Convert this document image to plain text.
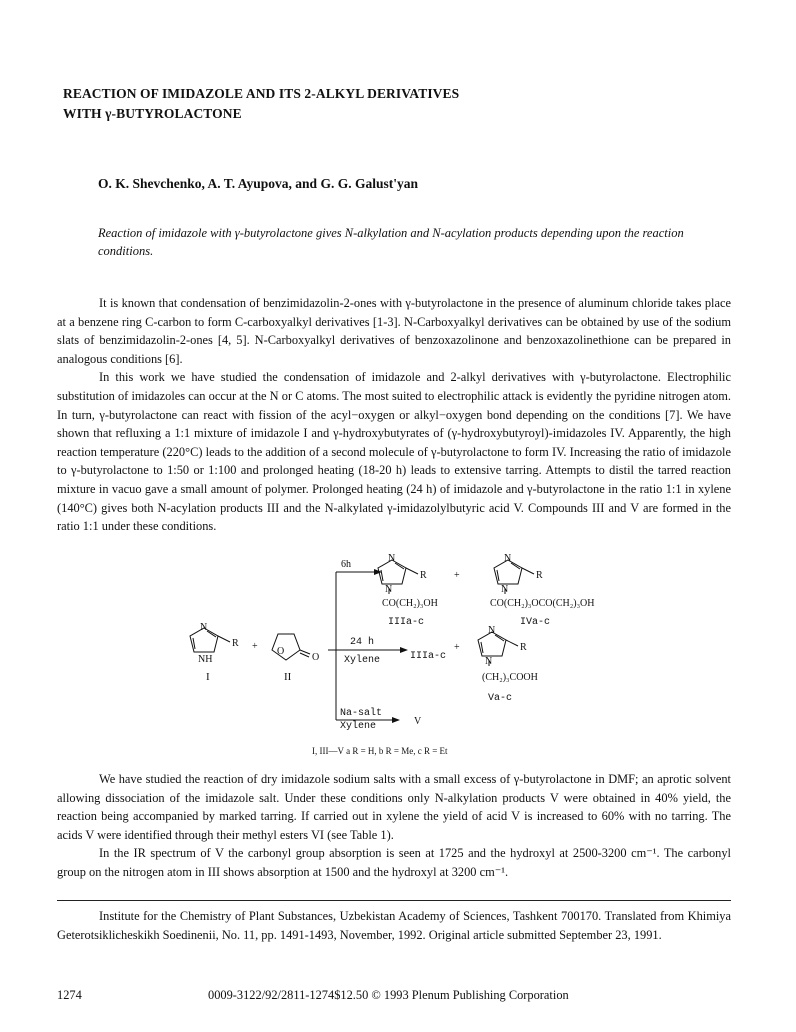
REACTION OF IMIDAZOLE AND ITS 2-ALKYL DERIVATIVES
WITH γ-BUTYROLACTONE
O. K. Shevchenko, A. T. Ayupova, and G. G. Galust'yan
Reaction of imidazole with γ-butyrolactone gives N-alkylation and N-acylation products depending upon the reaction conditions.

It is known that condensation of benzimidazolin-2-ones with γ-butyrolactone in the presence of aluminum chloride takes place at a benzene ring C-carbon to form C-carboxyalkyl derivatives [1-3]. N-Carboxyalkyl derivatives can be obtained by use of the sodium slats of benzimidazolin-2-ones [4, 5]. N-Carboxyalkyl derivatives of benzoxazolinone and benzoxazolinethione can be prepared in analogous conditions [6].

In this work we have studied the condensation of imidazole and 2-alkyl derivatives with γ-butyrolactone. Electrophilic substitution of imidazoles can occur at the N or C atoms. The most suited to electrophilic attack is evidently the pyridine nitrogen atom. In turn, γ-butyrolactone can react with fission of the acyl−oxygen or alkyl−oxygen bond depending on the conditions [7]. We have shown that refluxing a 1:1 mixture of imidazole I and γ-hydroxybutyrates of (γ-hydroxybutyroyl)-imidazoles IV. Apparently, the high reaction temperature (220°C) leads to the addition of a second molecule of γ-butyrolactone to form IV. Increasing the ratio of imidazole to γ-butyrolactone to 1:50 or 1:100 and prolonged heating (18-20 h) leads to extensive tarring. Attempts to distil the tarred reaction mixture in vacuo gave a small amount of polymer. Prolonged heating (24 h) of imidazole and γ-butyrolactone in the ratio 1:1 in xylene (140°C) gives both N-acylation products III and the N-alkylated γ-imidazolylbutyric acid V. Compounds III and V are formed in the ratio 1:1 under these conditions.

N
NH
R +
I
O
O
II
6h
24 h
Xylene
Na-salt
Xylene
N
N
R
CO(CH₂)₃OH
IIIa-c
+
N
N
R
CO(CH₂)₃OCO(CH₂)₃OH
IVa-c
IIIa-c
+
N
N
R
(CH₂)₃COOH
Va-c
V
I, III—V a R = H, b R = Me, c R = Et

We have studied the reaction of dry imidazole sodium salts with a small excess of γ-butyrolactone in DMF; an aprotic solvent allowing dissociation of the imidazole salt. Under these conditions only N-alkylation products V were obtained in 40% yield, the reaction being accompanied by marked tarring. If carried out in xylene the yield of acid V is increased to 60% with no tarring. The acids V were identified through their methyl esters VI (see Table 1).

In the IR spectrum of V the carbonyl group absorption is seen at 1725 and the hydroxyl at 2500-3200 cm⁻¹. The carbonyl group on the nitrogen atom in III shows absorption at 1500 and the hydroxyl at 3200 cm⁻¹.

Institute for the Chemistry of Plant Substances, Uzbekistan Academy of Sciences, Tashkent 700170. Translated from Khimiya Geterotsiklicheskikh Soedinenii, No. 11, pp. 1491-1493, November, 1992. Original article submitted September 23, 1991.
1274	0009-3122/92/2811-1274$12.50 © 1993 Plenum Publishing Corporation
